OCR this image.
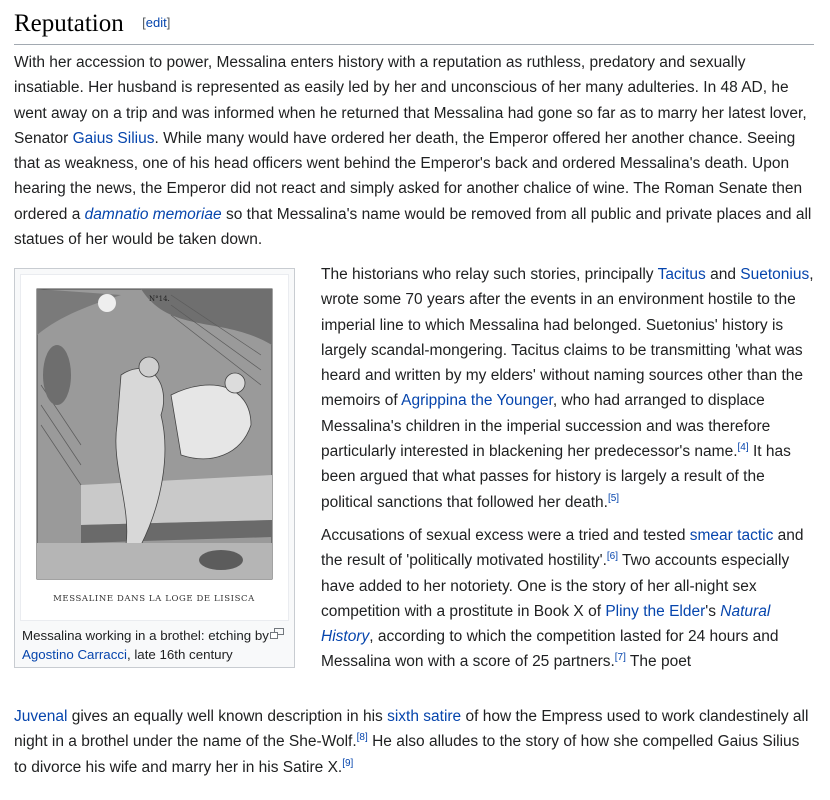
Reputation [edit]

With her accession to power, Messalina enters history with a reputation as ruthless, predatory and sexually insatiable. Her husband is represented as easily led by her and unconscious of her many adulteries. In 48 AD, he went away on a trip and was informed when he returned that Messalina had gone so far as to marry her latest lover, Senator Gaius Silius. While many would have ordered her death, the Emperor offered her another chance. Seeing that as weakness, one of his head officers went behind the Emperor's back and ordered Messalina's death. Upon hearing the news, the Emperor did not react and simply asked for another chalice of wine. The Roman Senate then ordered a damnatio memoriae so that Messalina's name would be removed from all public and private places and all statues of her would be taken down.

N°14.
MESSALINE DANS LA LOGE DE LISISCA
Messalina working in a brothel: etching by Agostino Carracci, late 16th century

The historians who relay such stories, principally Tacitus and Suetonius, wrote some 70 years after the events in an environment hostile to the imperial line to which Messalina had belonged. Suetonius' history is largely scandal-mongering. Tacitus claims to be transmitting 'what was heard and written by my elders' without naming sources other than the memoirs of Agrippina the Younger, who had arranged to displace Messalina's children in the imperial succession and was therefore particularly interested in blackening her predecessor's name.[4] It has been argued that what passes for history is largely a result of the political sanctions that followed her death.[5]

Accusations of sexual excess were a tried and tested smear tactic and the result of 'politically motivated hostility'.[6] Two accounts especially have added to her notoriety. One is the story of her all-night sex competition with a prostitute in Book X of Pliny the Elder's Natural History, according to which the competition lasted for 24 hours and Messalina won with a score of 25 partners.[7] The poet

Juvenal gives an equally well known description in his sixth satire of how the Empress used to work clandestinely all night in a brothel under the name of the She-Wolf.[8] He also alludes to the story of how she compelled Gaius Silius to divorce his wife and marry her in his Satire X.[9]
